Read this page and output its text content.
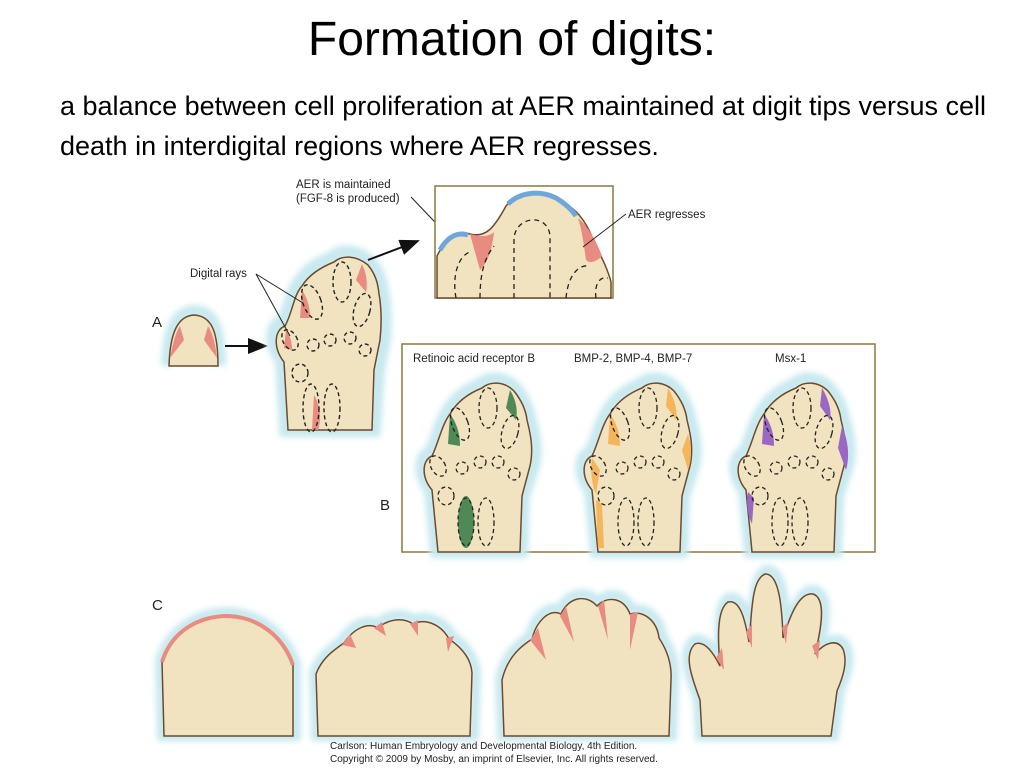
Formation of digits:

a balance between cell proliferation at AER maintained at digit tips versus cell death in interdigital regions where AER regresses.

A
Digital rays
AER is maintained
(FGF-8 is produced)
AER regresses
B
Retinoic acid receptor B	BMP-2, BMP-4, BMP-7	Msx-1
C
Carlson: Human Embryology and Developmental Biology, 4th Edition.
Copyright © 2009 by Mosby, an imprint of Elsevier, Inc. All rights reserved.
